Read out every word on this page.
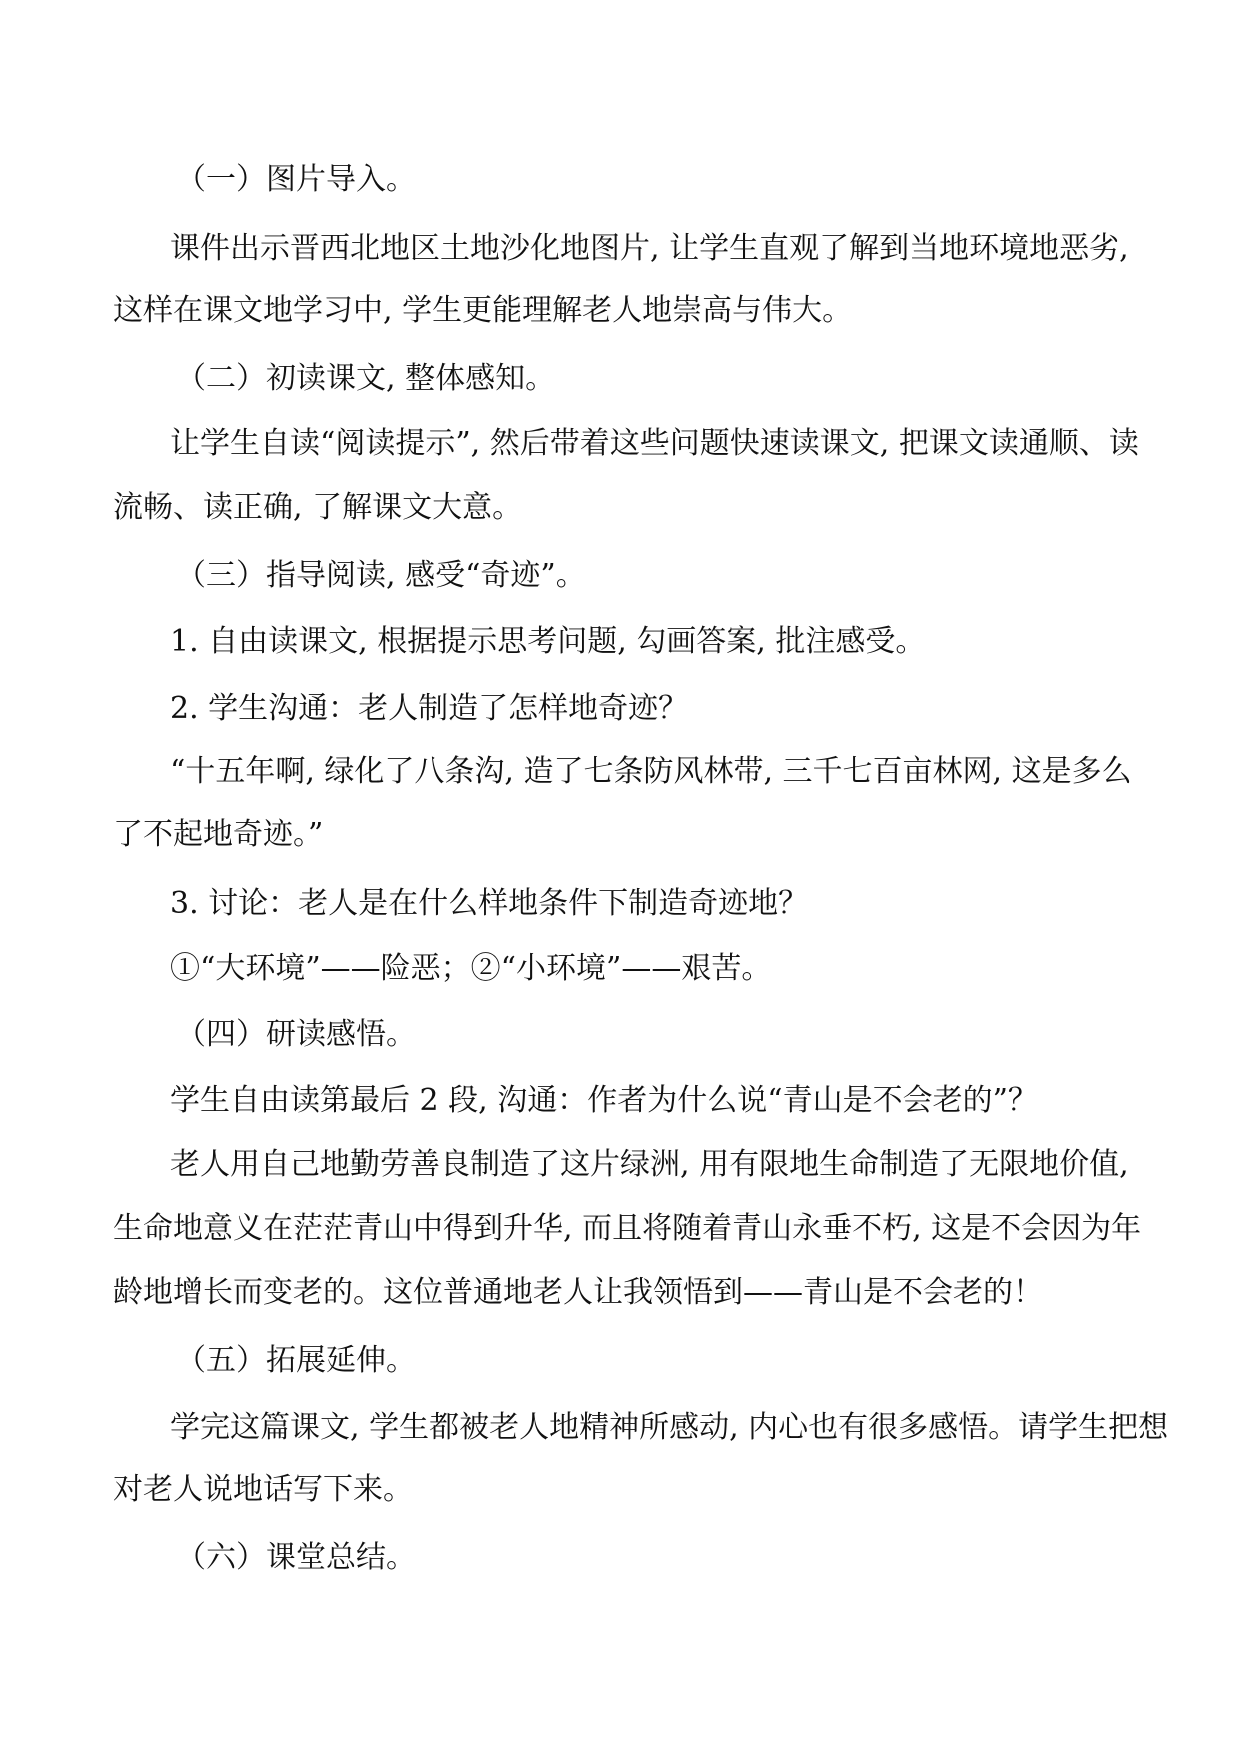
（一）图片导入。
课件出示晋西北地区土地沙化地图片, 让学生直观了解到当地环境地恶劣,
这样在课文地学习中, 学生更能理解老人地崇高与伟大。
（二）初读课文, 整体感知。
让学生自读“阅读提示”, 然后带着这些问题快速读课文, 把课文读通顺、读
流畅、读正确, 了解课文大意。
（三）指导阅读, 感受“奇迹”。
1. 自由读课文, 根据提示思考问题, 勾画答案, 批注感受。
2. 学生沟通：老人制造了怎样地奇迹？
“十五年啊, 绿化了八条沟, 造了七条防风林带, 三千七百亩林网, 这是多么
了不起地奇迹。”
3. 讨论：老人是在什么样地条件下制造奇迹地？
①“大环境”——险恶；②“小环境”——艰苦。
（四）研读感悟。
学生自由读第最后 2 段, 沟通：作者为什么说“青山是不会老的”？
老人用自己地勤劳善良制造了这片绿洲, 用有限地生命制造了无限地价值,
生命地意义在茫茫青山中得到升华, 而且将随着青山永垂不朽, 这是不会因为年
龄地增长而变老的。这位普通地老人让我领悟到——青山是不会老的！
（五）拓展延伸。
学完这篇课文, 学生都被老人地精神所感动, 内心也有很多感悟。请学生把想
对老人说地话写下来。
（六）课堂总结。
